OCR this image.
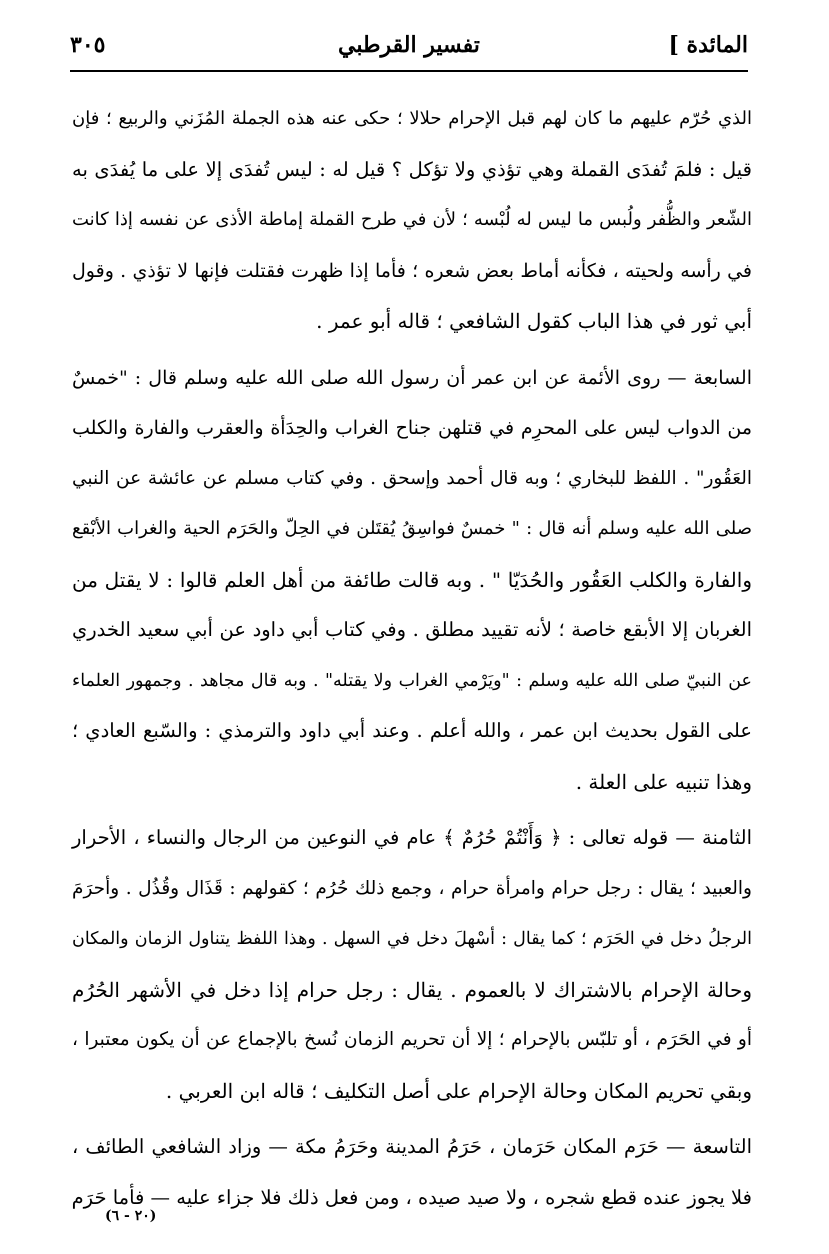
المائدة ]
تفسير القرطبي
٣٠٥

الذي حُرّم عليهم ما كان لهم قبل الإحرام حلالا ؛ حكى عنه هذه الجملة المُزَني والربيع ؛ فإن
قيل : فلمَ تُفدَى القملة وهي تؤذي ولا تؤكل ؟ قيل له : ليس تُفدَى إلا على ما يُفدَى به
الشّعر والظُّفر ولُبس ما ليس له لُبْسه ؛ لأن في طرح القملة إماطة الأذى عن نفسه إذا كانت
في رأسه ولحيته ، فكأنه أماط بعض شعره ؛ فأما إذا ظهرت فقتلت فإنها لا تؤذي . وقول
أبي ثور في هذا الباب كقول الشافعي ؛ قاله أبو عمر .

السابعة — روى الأئمة عن ابن عمر أن رسول الله صلى الله عليه وسلم قال : "خمسٌ
من الدواب ليس على المحرِم في قتلهن جناح الغراب والحِدَأة والعقرب والفارة والكلب
العَقُور" . اللفظ للبخاري ؛ وبه قال أحمد وإسحق . وفي كتاب مسلم عن عائشة عن النبي
صلى الله عليه وسلم أنه قال : " خمسٌ فواسِقُ يُقتَلن في الحِلّ والحَرَم الحية والغراب الأبْقع
والفارة والكلب العَقُور والحُدَيّا " . وبه قالت طائفة من أهل العلم قالوا : لا يقتل من
الغربان إلا الأبقع خاصة ؛ لأنه تقييد مطلق . وفي كتاب أبي داود عن أبي سعيد الخدري
عن النبيّ صلى الله عليه وسلم : "ويَرْمي الغراب ولا يقتله" . وبه قال مجاهد . وجمهور العلماء
على القول بحديث ابن عمر ، والله أعلم . وعند أبي داود والترمذي : والسّبع العادي ؛
وهذا تنبيه على العلة .

الثامنة — قوله تعالى : ﴿ وَأَنْتُمْ حُرُمٌ ﴾ عام في النوعين من الرجال والنساء ، الأحرار
والعبيد ؛ يقال : رجل حرام وامرأة حرام ، وجمع ذلك حُرُم ؛ كقولهم : قَذَال وقُذُل . وأحرَمَ
الرجلُ دخل في الحَرَم ؛ كما يقال : أسْهلَ دخل في السهل . وهذا اللفظ يتناول الزمان والمكان
وحالة الإحرام بالاشتراك لا بالعموم . يقال : رجل حرام إذا دخل في الأشهر الحُرُم
أو في الحَرَم ، أو تلبّس بالإحرام ؛ إلا أن تحريم الزمان نُسخ بالإجماع عن أن يكون معتبرا ،
وبقي تحريم المكان وحالة الإحرام على أصل التكليف ؛ قاله ابن العربي .

التاسعة — حَرَم المكان حَرَمان ، حَرَمُ المدينة وحَرَمُ مكة — وزاد الشافعي الطائف ،
فلا يجوز عنده قطع شجره ، ولا صيد صيده ، ومن فعل ذلك فلا جزاء عليه — فأما حَرَم

(٢٠ - ٦)
